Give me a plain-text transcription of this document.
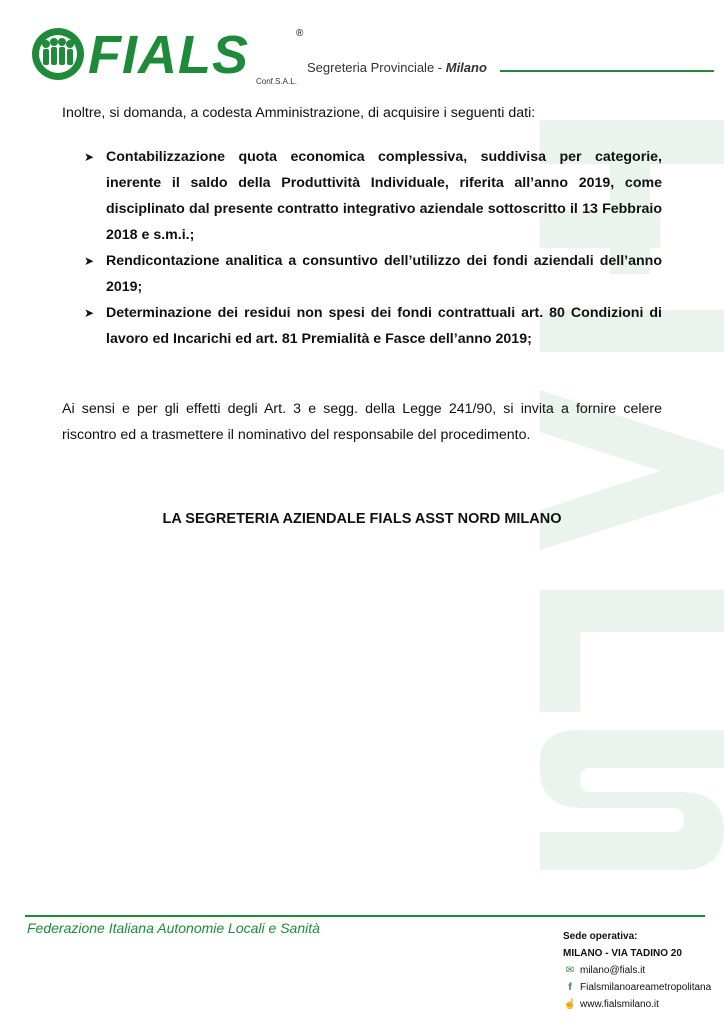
FIALS	®
Conf.S.A.L.
Segreteria Provinciale - Milano
Inoltre, si domanda, a codesta Amministrazione, di acquisire i seguenti dati:
➤ Contabilizzazione quota economica complessiva, suddivisa per categorie, inerente il saldo della Produttività Individuale, riferita all’anno 2019, come disciplinato dal presente contratto integrativo aziendale sottoscritto il 13 Febbraio 2018 e s.m.i.;
➤ Rendicontazione analitica a consuntivo dell’utilizzo dei fondi aziendali dell’anno 2019;
➤ Determinazione dei residui non spesi dei fondi contrattuali art. 80 Condizioni di lavoro ed Incarichi ed art. 81 Premialità e Fasce dell’anno 2019;
Ai sensi e per gli effetti degli Art. 3 e segg. della Legge 241/90, si invita a fornire celere riscontro ed a trasmettere il nominativo del responsabile del procedimento.
LA SEGRETERIA AZIENDALE FIALS ASST NORD MILANO
Federazione Italiana Autonomie Locali e Sanità
Sede operativa:
MILANO - VIA TADINO 20
✉ milano@fials.it
f Fialsmilanoareametropolitana
☝ www.fialsmilano.it
